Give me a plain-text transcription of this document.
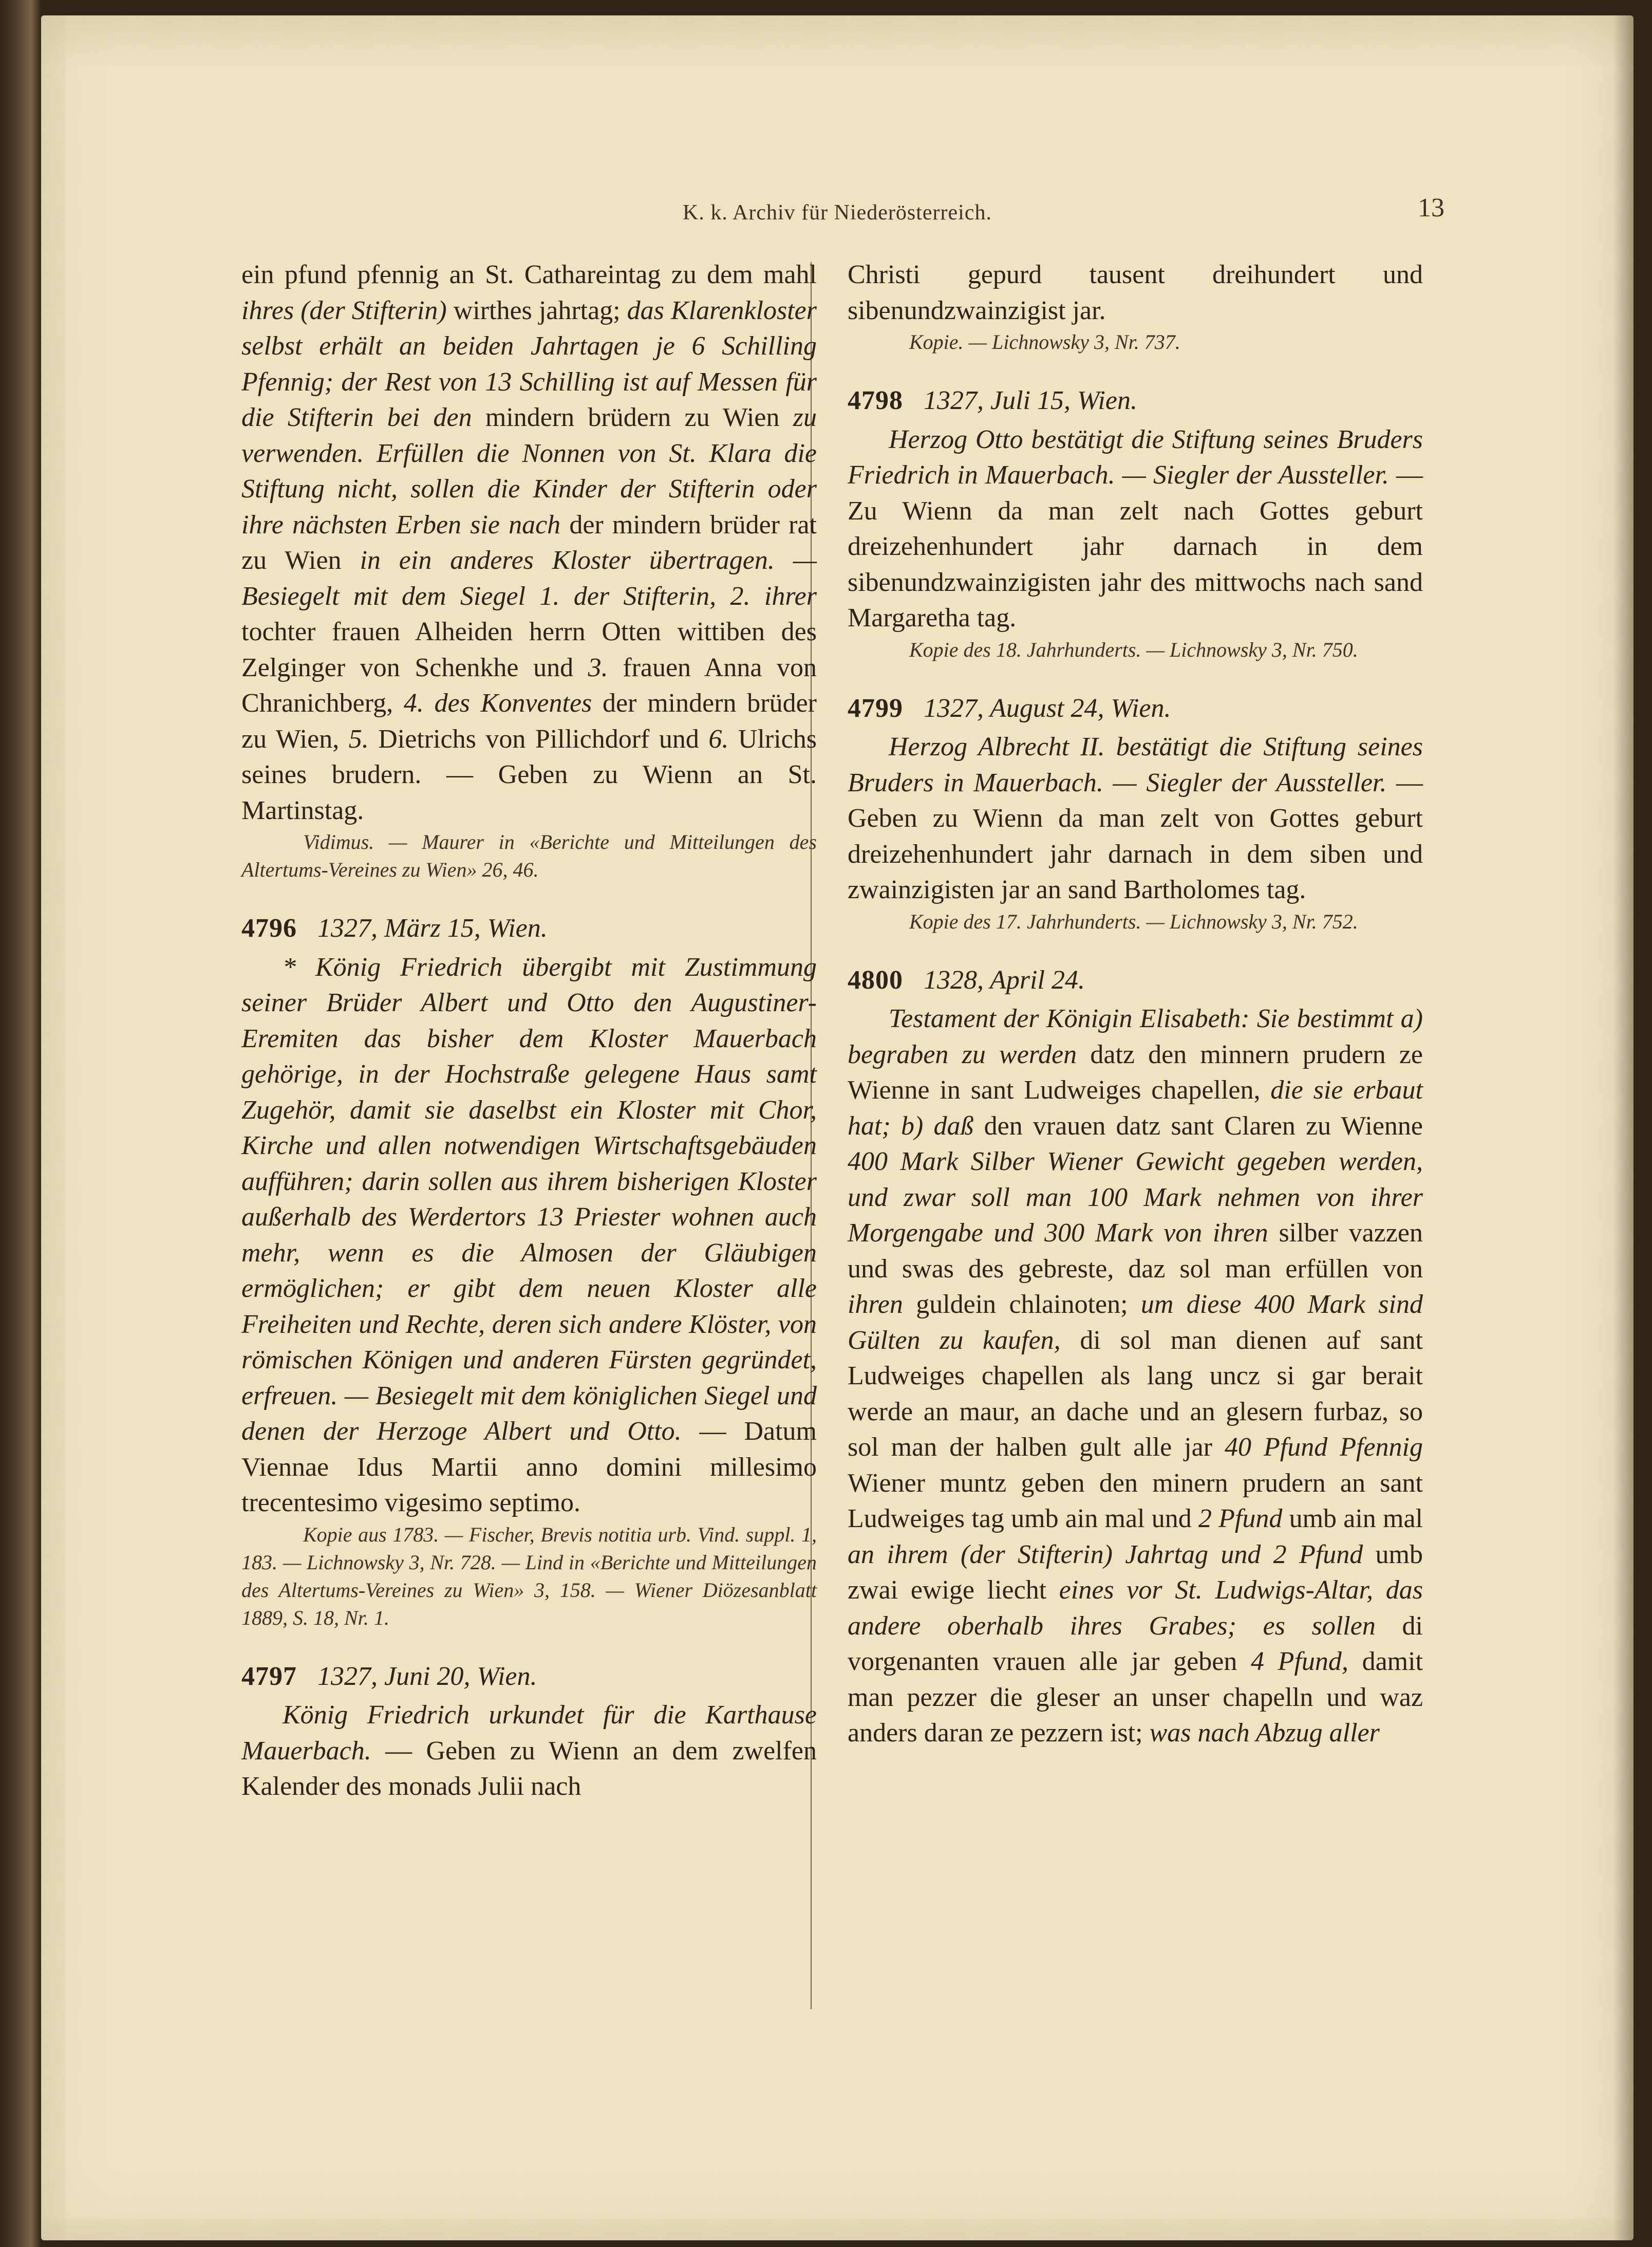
K. k. Archiv für Niederösterreich.	13

ein pfund pfennig an St. Cathareintag zu dem mahl ihres (der Stifterin) wirthes jahrtag; das Klarenkloster selbst erhält an beiden Jahrtagen je 6 Schilling Pfennig; der Rest von 13 Schilling ist auf Messen für die Stifterin bei den mindern brüdern zu Wien zu verwenden. Erfüllen die Nonnen von St. Klara die Stiftung nicht, sollen die Kinder der Stifterin oder ihre nächsten Erben sie nach der mindern brüder rat zu Wien in ein anderes Kloster übertragen. — Besiegelt mit dem Siegel 1. der Stifterin, 2. ihrer tochter frauen Alheiden herrn Otten wittiben des Zelginger von Schenkhe und 3. frauen Anna von Chranichberg, 4. des Konventes der mindern brüder zu Wien, 5. Dietrichs von Pillichdorf und 6. Ulrichs seines brudern. — Geben zu Wienn an St. Martinstag.

Vidimus. — Maurer in «Berichte und Mitteilungen des Altertums-Vereines zu Wien» 26, 46.

4796 1327, März 15, Wien.

* König Friedrich übergibt mit Zustimmung seiner Brüder Albert und Otto den Augustiner-Eremiten das bisher dem Kloster Mauerbach gehörige, in der Hochstraße gelegene Haus samt Zugehör, damit sie daselbst ein Kloster mit Chor, Kirche und allen notwendigen Wirtschaftsgebäuden aufführen; darin sollen aus ihrem bisherigen Kloster außerhalb des Werdertors 13 Priester wohnen auch mehr, wenn es die Almosen der Gläubigen ermöglichen; er gibt dem neuen Kloster alle Freiheiten und Rechte, deren sich andere Klöster, von römischen Königen und anderen Fürsten gegründet, erfreuen. — Besiegelt mit dem königlichen Siegel und denen der Herzoge Albert und Otto. — Datum Viennae Idus Martii anno domini millesimo trecentesimo vigesimo septimo.

Kopie aus 1783. — Fischer, Brevis notitia urb. Vind. suppl. 1, 183. — Lichnowsky 3, Nr. 728. — Lind in «Berichte und Mitteilungen des Altertums-Vereines zu Wien» 3, 158. — Wiener Diözesanblatt 1889, S. 18, Nr. 1.

4797 1327, Juni 20, Wien.

König Friedrich urkundet für die Karthause Mauerbach. — Geben zu Wienn an dem zwelfen Kalender des monads Julii nach

Christi gepurd tausent dreihundert und sibenundzwainzigist jar.

Kopie. — Lichnowsky 3, Nr. 737.

4798 1327, Juli 15, Wien.

Herzog Otto bestätigt die Stiftung seines Bruders Friedrich in Mauerbach. — Siegler der Aussteller. — Zu Wienn da man zelt nach Gottes geburt dreizehenhundert jahr darnach in dem sibenundzwainzigisten jahr des mittwochs nach sand Margaretha tag.

Kopie des 18. Jahrhunderts. — Lichnowsky 3, Nr. 750.

4799 1327, August 24, Wien.

Herzog Albrecht II. bestätigt die Stiftung seines Bruders in Mauerbach. — Siegler der Aussteller. — Geben zu Wienn da man zelt von Gottes geburt dreizehenhundert jahr darnach in dem siben und zwainzigisten jar an sand Bartholomes tag.

Kopie des 17. Jahrhunderts. — Lichnowsky 3, Nr. 752.

4800 1328, April 24.

Testament der Königin Elisabeth: Sie bestimmt a) begraben zu werden datz den minnern prudern ze Wienne in sant Ludweiges chapellen, die sie erbaut hat; b) daß den vrauen datz sant Claren zu Wienne 400 Mark Silber Wiener Gewicht gegeben werden, und zwar soll man 100 Mark nehmen von ihrer Morgengabe und 300 Mark von ihren silber vazzen und swas des gebreste, daz sol man erfüllen von ihren guldein chlainoten; um diese 400 Mark sind Gülten zu kaufen, di sol man dienen auf sant Ludweiges chapellen als lang uncz si gar berait werde an maur, an dache und an glesern furbaz, so sol man der halben gult alle jar 40 Pfund Pfennig Wiener muntz geben den minern prudern an sant Ludweiges tag umb ain mal und 2 Pfund umb ain mal an ihrem (der Stifterin) Jahrtag und 2 Pfund umb zwai ewige liecht eines vor St. Ludwigs-Altar, das andere oberhalb ihres Grabes; es sollen di vorgenanten vrauen alle jar geben 4 Pfund, damit man pezzer die gleser an unser chapelln und waz anders daran ze pezzern ist; was nach Abzug aller
